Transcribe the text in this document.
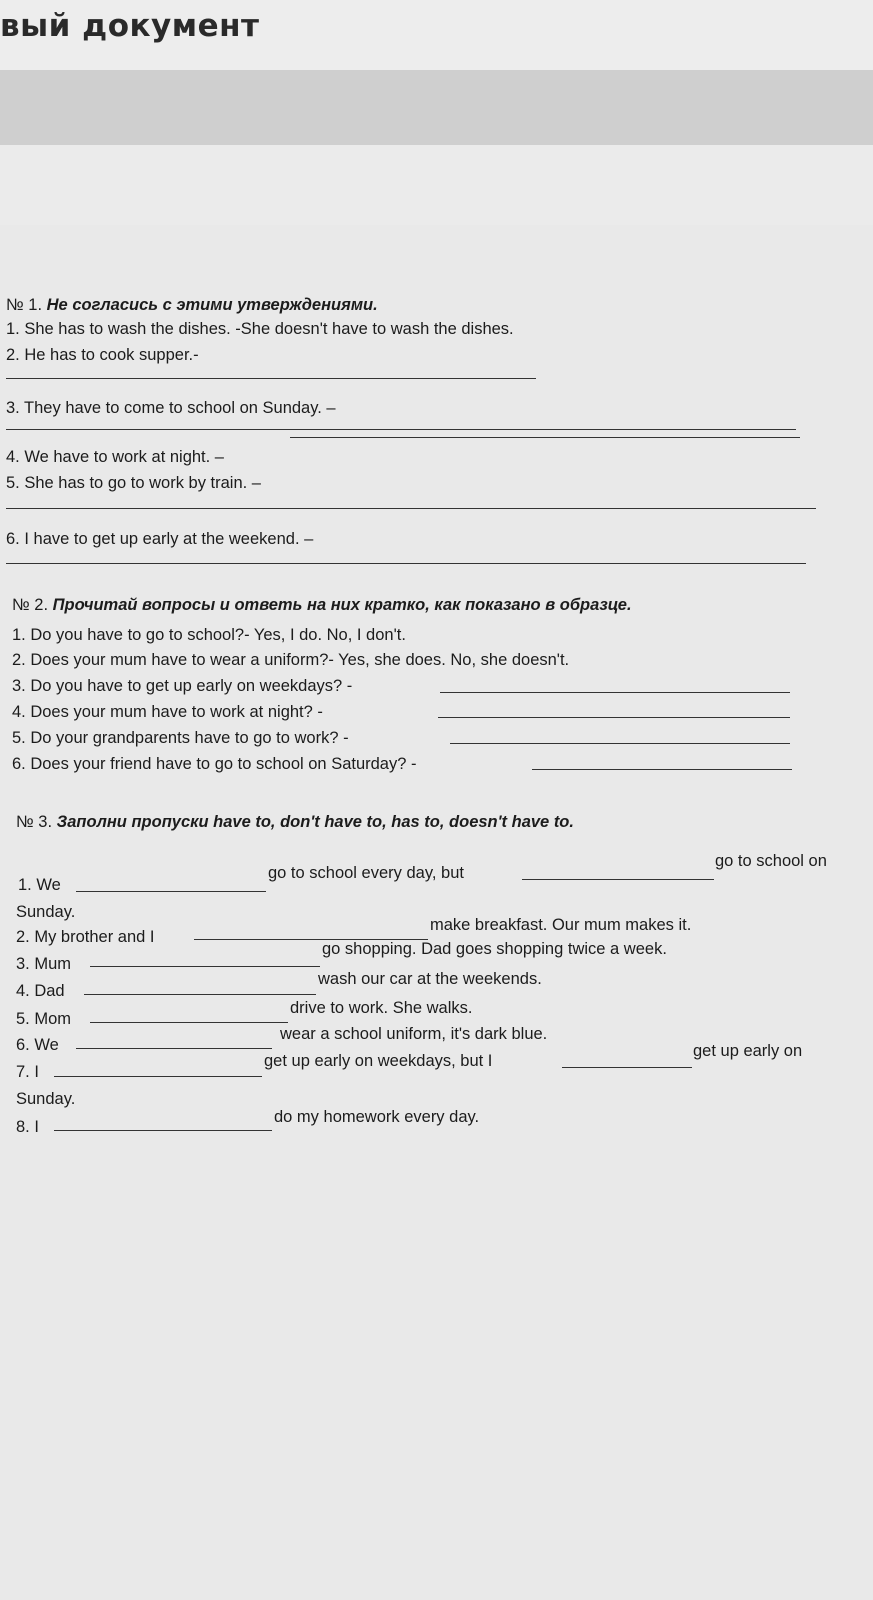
вый документ
№ 1. Не согласись с этими утверждениями.
1. She has to wash the dishes. -She doesn't have to wash the dishes.
2. He has to cook supper.-
3. They have to come to school on Sunday. –
4. We have to work at night. –
5. She has to go to work by train. –
6. I have to get up early at the weekend. –
№ 2. Прочитай вопросы и ответь на них кратко, как показано в образце.
1. Do you have to go to school?- Yes, I do. No, I don't.
2. Does your mum have to wear a uniform?- Yes, she does. No, she doesn't.
3. Do you have to get up early on weekdays? -
4. Does your mum have to work at night? -
5. Do your grandparents have to go to work? -
6. Does your friend have to go to school on Saturday? -
№ 3. Заполни пропуски have to, don't have to, has to, doesn't have to.
1. We
go to school every day, but
go to school on
Sunday.
2. My brother and I
make breakfast. Our mum makes it.
3. Mum
go shopping. Dad goes shopping twice a week.
4. Dad
wash our car at the weekends.
5. Mom
drive to work. She walks.
6. We
wear a school uniform, it's dark blue.
7. I
get up early on weekdays, but I
get up early on
Sunday.
8. I
do my homework every day.
